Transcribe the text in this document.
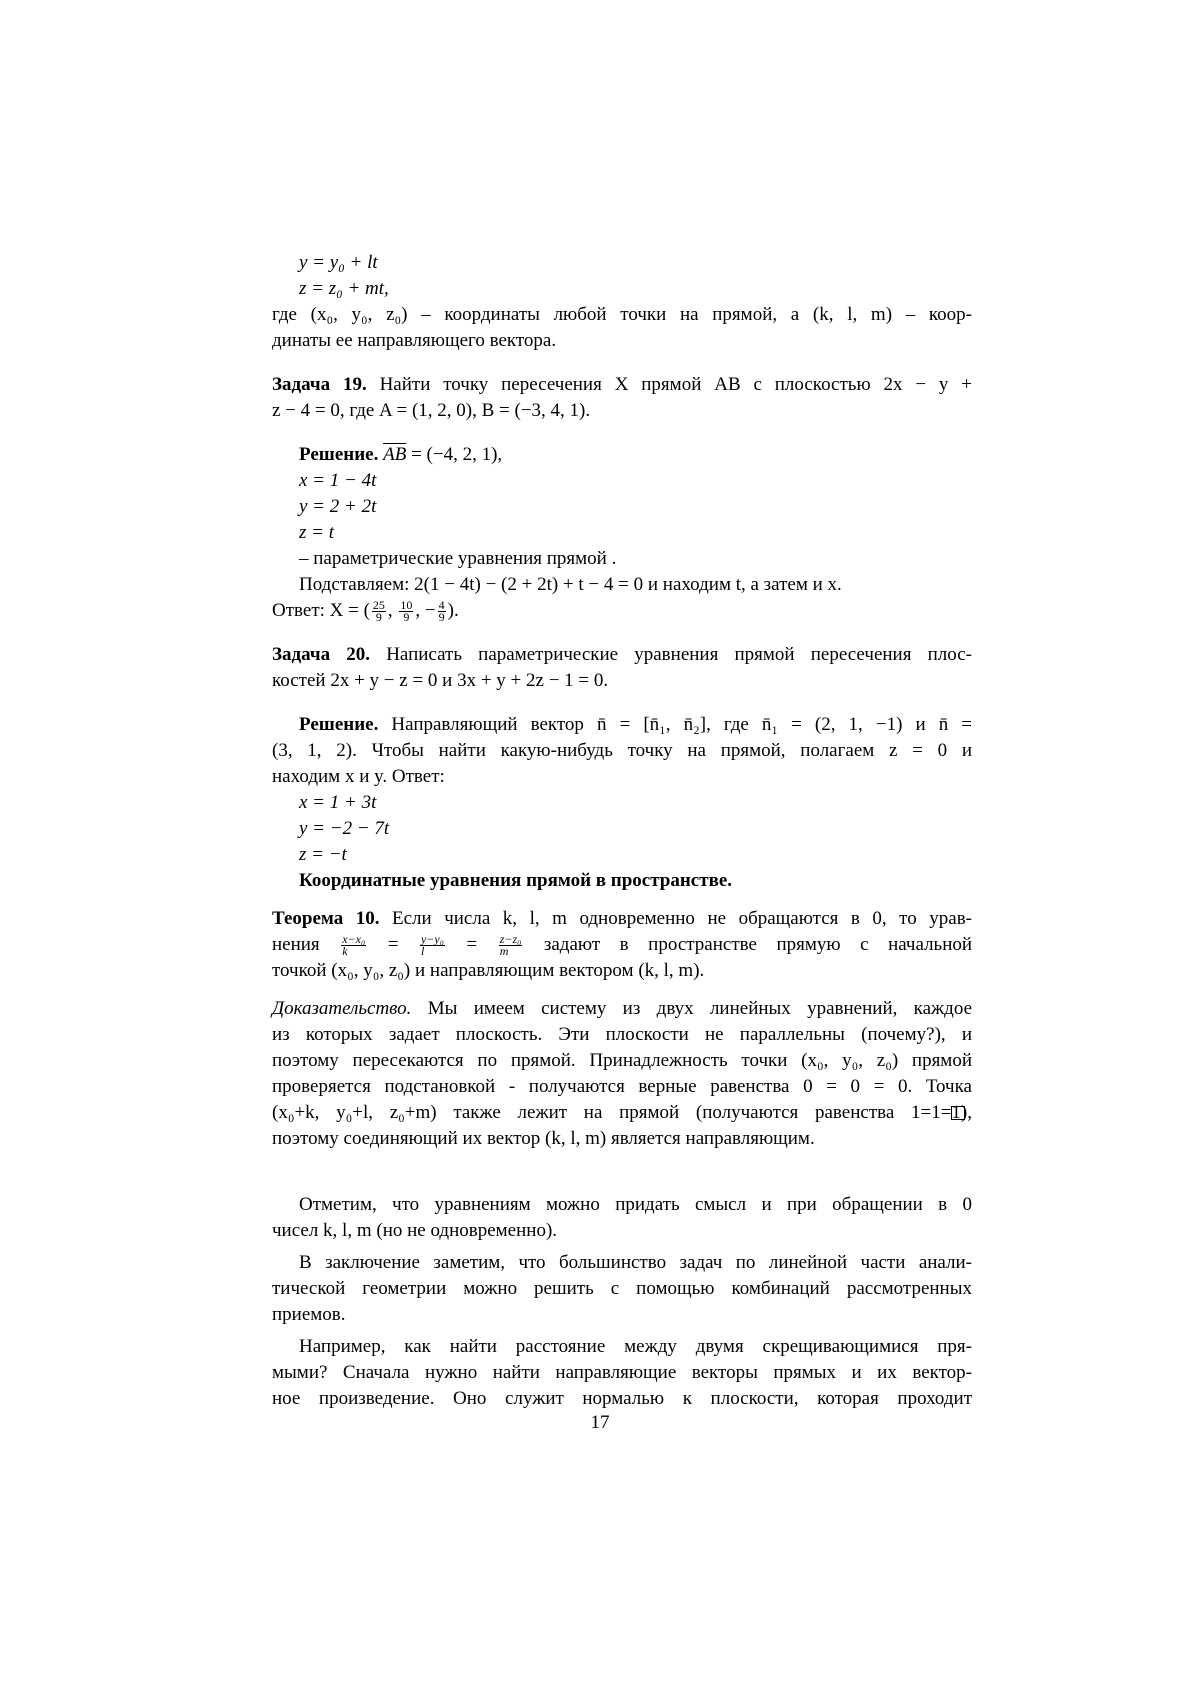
y = y₀ + lt
z = z₀ + mt,
где (x₀, y₀, z₀) – координаты любой точки на прямой, а (k, l, m) – коор-
динаты ее направляющего вектора.
Задача 19. Найти точку пересечения X прямой AB с плоскостью 2x − y +
z − 4 = 0, где A = (1, 2, 0), B = (−3, 4, 1).
Решение. AB = (−4, 2, 1),
x = 1 − 4t
y = 2 + 2t
z = t
– параметрические уравнения прямой .
Подставляем: 2(1 − 4t) − (2 + 2t) + t − 4 = 0 и находим t, а затем и x.
Ответ: X = ( 25
9 , 10
9 , − 4
9 ).
Задача 20. Написать параметрические уравнения прямой пересечения плос-
костей 2x + y − z = 0 и 3x + y + 2z − 1 = 0.
Решение. Направляющий вектор n̄ = [n̄₁, n̄₂], где n̄₁ = (2, 1, −1) и n̄ =
(3, 1, 2). Чтобы найти какую-нибудь точку на прямой, полагаем z = 0 и
находим x и y. Ответ:
x = 1 + 3t
y = −2 − 7t
z = −t
Координатные уравнения прямой в пространстве.
Теорема 10. Если числа k, l, m одновременно не обращаются в 0, то урав-
нения x−x₀
k	= y−y₀
l	= z−z₀
m	задают в пространстве прямую с начальной
точкой (x₀, y₀, z₀) и направляющим вектором (k, l, m).
Доказательство. Мы имеем систему из двух линейных уравнений, каждое
из которых задает плоскость. Эти плоскости не параллельны (почему?), и
поэтому пересекаются по прямой. Принадлежность точки (x₀, y₀, z₀) прямой
проверяется подстановкой - получаются верные равенства 0 = 0 = 0. Точка
(x₀+k, y₀+l, z₀+m) также лежит на прямой (получаются равенства 1=1=1),
поэтому соединяющий их вектор (k, l, m) является направляющим.
Отметим, что уравнениям можно придать смысл и при обращении в 0
чисел k, l, m (но не одновременно).
В заключение заметим, что большинство задач по линейной части анали-
тической геометрии можно решить с помощью комбинаций рассмотренных
приемов.
Например, как найти расстояние между двумя скрещивающимися пря-
мыми? Сначала нужно найти направляющие векторы прямых и их вектор-
ное произведение. Оно служит нормалью к плоскости, которая проходит
17
